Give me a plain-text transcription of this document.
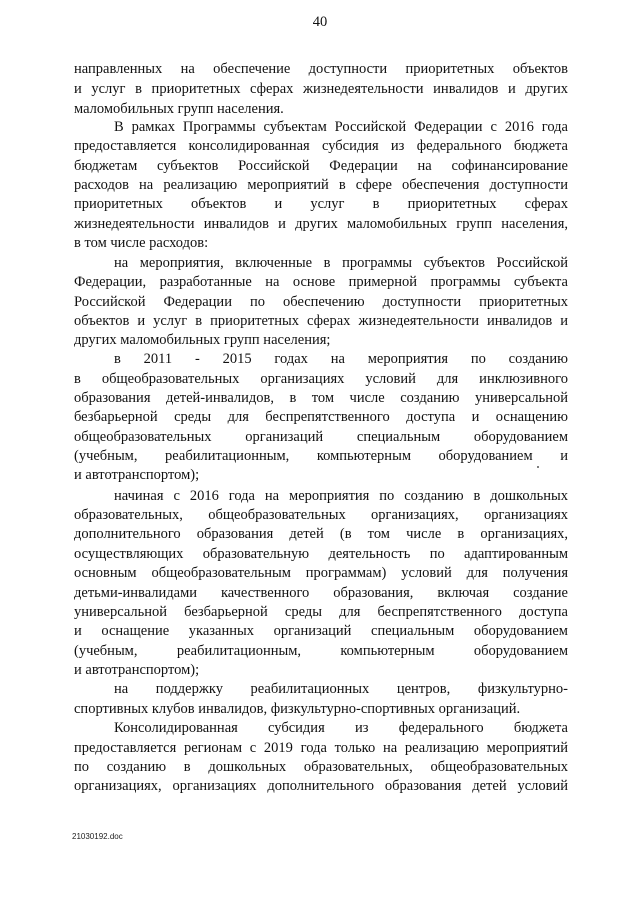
40

направленных на обеспечение доступности приоритетных объектов

и услуг в приоритетных сферах жизнедеятельности инвалидов и других

маломобильных групп населения.

В рамках Программы субъектам Российской Федерации с 2016 года

предоставляется консолидированная субсидия из федерального бюджета

бюджетам субъектов Российской Федерации на софинансирование

расходов на реализацию мероприятий в сфере обеспечения доступности

приоритетных объектов и услуг в приоритетных сферах

жизнедеятельности инвалидов и других маломобильных групп населения,

в том числе расходов:

на мероприятия, включенные в программы субъектов Российской

Федерации, разработанные на основе примерной программы субъекта

Российской Федерации по обеспечению доступности приоритетных

объектов и услуг в приоритетных сферах жизнедеятельности инвалидов и

других маломобильных групп населения;

в 2011 - 2015 годах на мероприятия по созданию

в общеобразовательных организациях условий для инклюзивного

образования детей-инвалидов, в том числе созданию универсальной

безбарьерной среды для беспрепятственного доступа и оснащению

общеобразовательных организаций специальным оборудованием

(учебным, реабилитационным, компьютерным оборудованием и

и автотранспортом);

начиная с 2016 года на мероприятия по созданию в дошкольных

образовательных, общеобразовательных организациях, организациях

дополнительного образования детей (в том числе в организациях,

осуществляющих образовательную деятельность по адаптированным

основным общеобразовательным программам) условий для получения

детьми-инвалидами качественного образования, включая создание

универсальной безбарьерной среды для беспрепятственного доступа

и оснащение указанных организаций специальным оборудованием

(учебным, реабилитационным, компьютерным оборудованием

и автотранспортом);

на поддержку реабилитационных центров, физкультурно-

спортивных клубов инвалидов, физкультурно-спортивных организаций.

Консолидированная субсидия из федерального бюджета

предоставляется регионам с 2019 года только на реализацию мероприятий

по созданию в дошкольных образовательных, общеобразовательных

организациях, организациях дополнительного образования детей условий

21030192.doc
